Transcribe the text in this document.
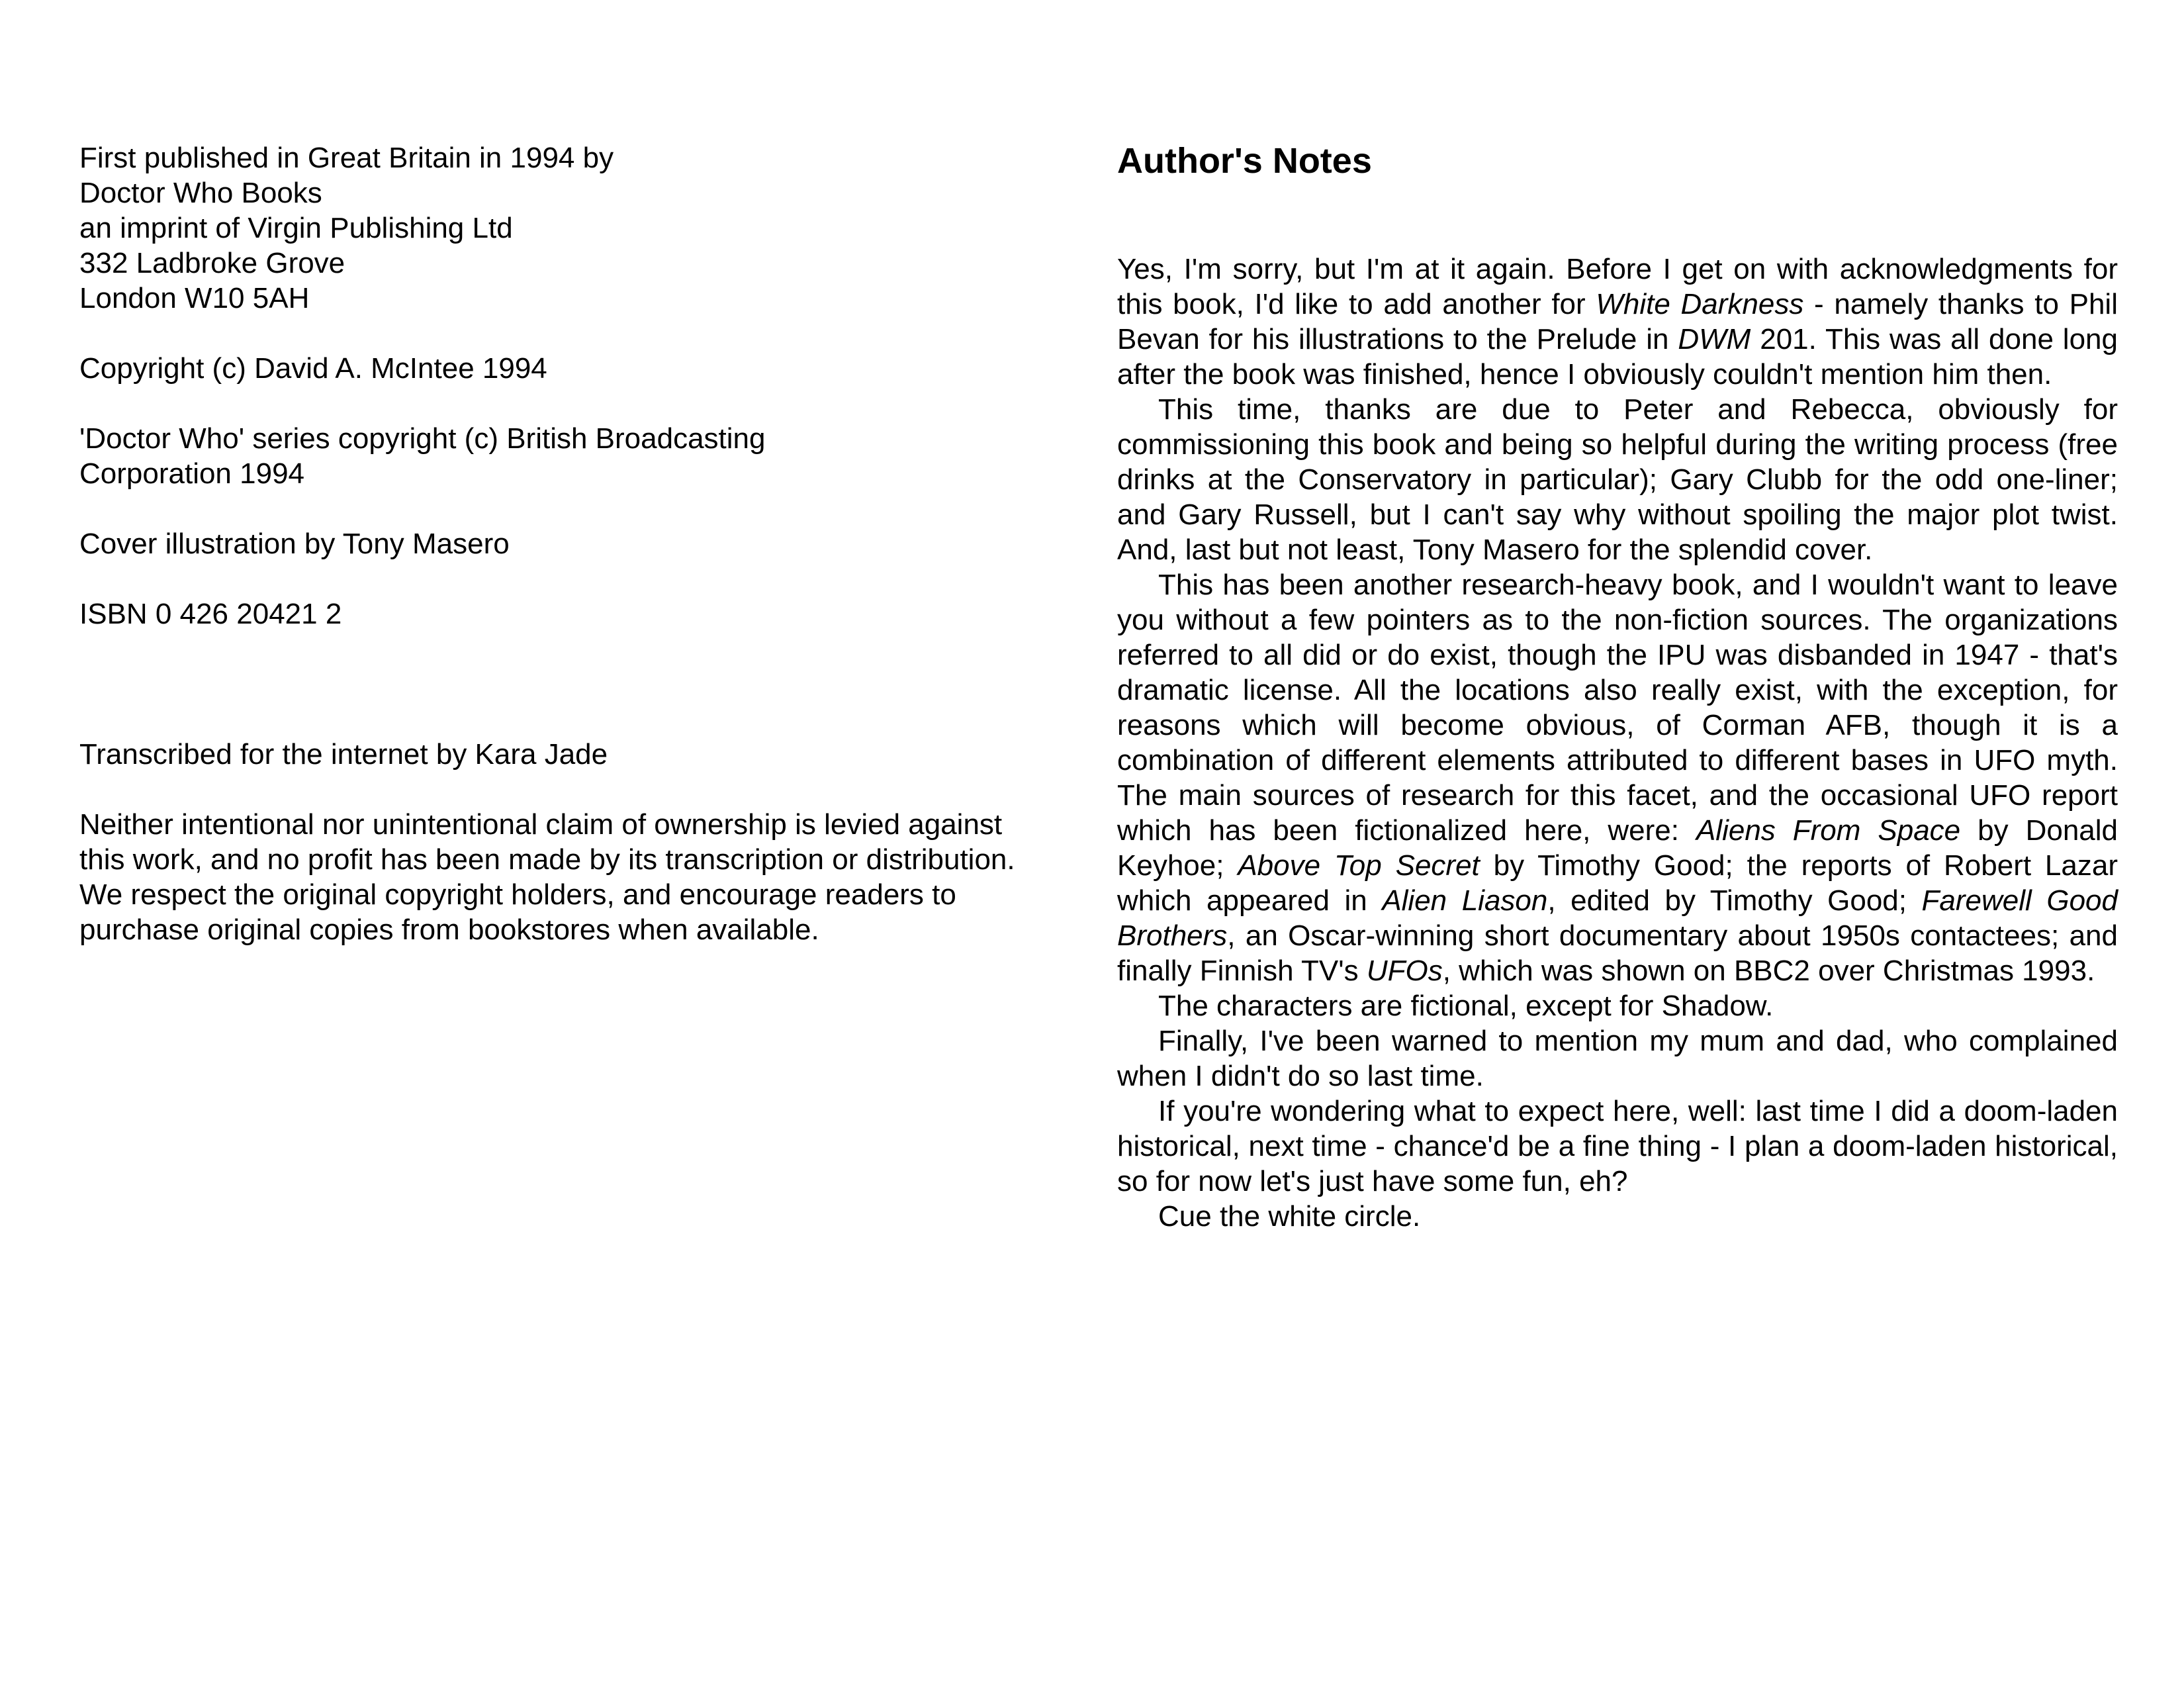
First published in Great Britain in 1994 by
Doctor Who Books
an imprint of Virgin Publishing Ltd
332 Ladbroke Grove
London W10 5AH
Copyright (c) David A. McIntee 1994
'Doctor Who' series copyright (c) British Broadcasting
Corporation 1994
Cover illustration by Tony Masero
ISBN 0 426 20421 2
Transcribed for the internet by Kara Jade
Neither intentional nor unintentional claim of ownership is levied against
this work, and no profit has been made by its transcription or distribution.
We respect the original copyright holders, and encourage readers to
purchase original copies from bookstores when available.
Author's Notes

Yes, I'm sorry, but I'm at it again. Before I get on with acknowledgments for this book, I'd like to add another for White Darkness - namely thanks to Phil Bevan for his illustrations to the Prelude in DWM 201. This was all done long after the book was finished, hence I obviously couldn't mention him then.

This time, thanks are due to Peter and Rebecca, obviously for commissioning this book and being so helpful during the writing process (free drinks at the Conservatory in particular); Gary Clubb for the odd one-liner; and Gary Russell, but I can't say why without spoiling the major plot twist. And, last but not least, Tony Masero for the splendid cover.

This has been another research-heavy book, and I wouldn't want to leave you without a few pointers as to the non-fiction sources. The organizations referred to all did or do exist, though the IPU was disbanded in 1947 - that's dramatic license. All the locations also really exist, with the exception, for reasons which will become obvious, of Corman AFB, though it is a combination of different elements attributed to different bases in UFO myth. The main sources of research for this facet, and the occasional UFO report which has been fictionalized here, were: Aliens From Space by Donald Keyhoe; Above Top Secret by Timothy Good; the reports of Robert Lazar which appeared in Alien Liason, edited by Timothy Good; Farewell Good Brothers, an Oscar-winning short documentary about 1950s contactees; and finally Finnish TV's UFOs, which was shown on BBC2 over Christmas 1993.

The characters are fictional, except for Shadow.

Finally, I've been warned to mention my mum and dad, who complained when I didn't do so last time.

If you're wondering what to expect here, well: last time I did a doom-laden historical, next time - chance'd be a fine thing - I plan a doom-laden historical, so for now let's just have some fun, eh?

Cue the white circle.
